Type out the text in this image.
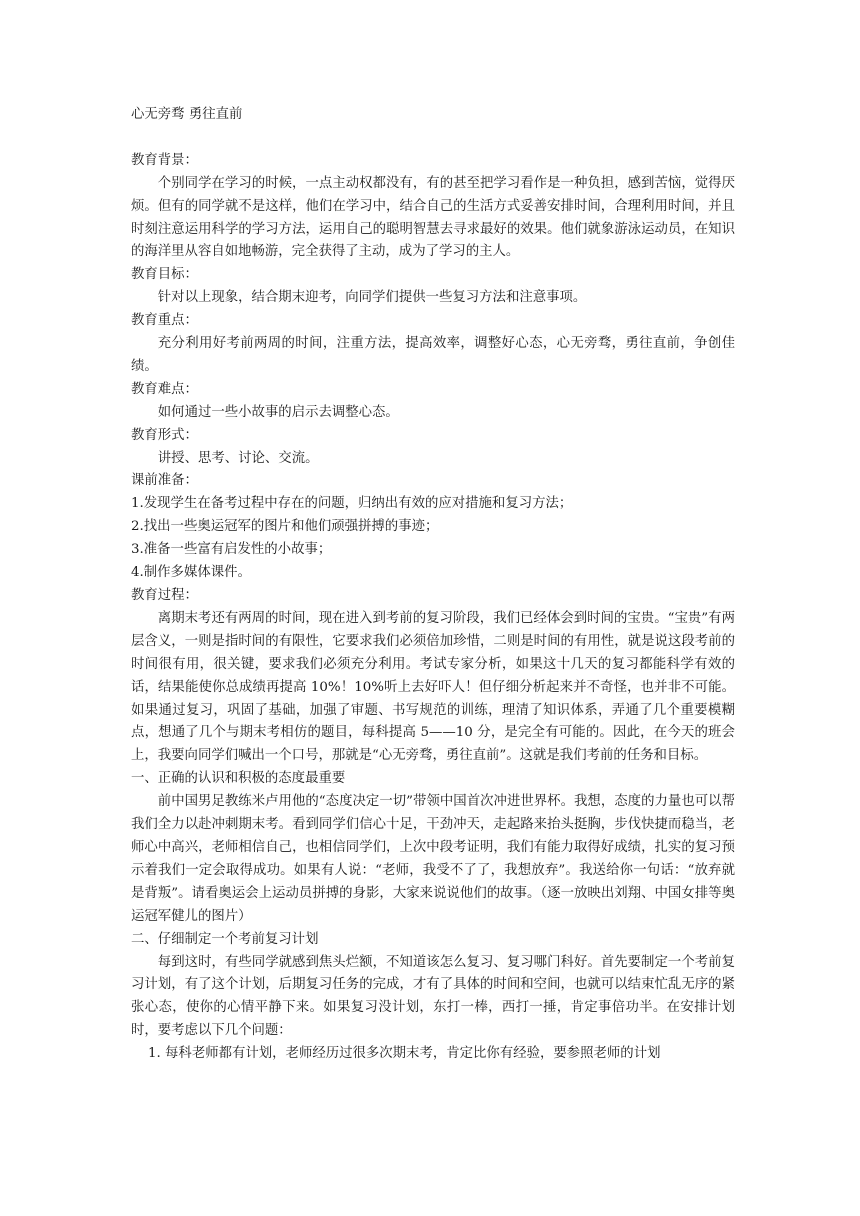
心无旁骛 勇往直前

教育背景：

个别同学在学习的时候，一点主动权都没有，有的甚至把学习看作是一种负担，感到苦恼，觉得厌烦。但有的同学就不是这样，他们在学习中，结合自己的生活方式妥善安排时间，合理利用时间，并且时刻注意运用科学的学习方法，运用自己的聪明智慧去寻求最好的效果。他们就象游泳运动员，在知识的海洋里从容自如地畅游，完全获得了主动，成为了学习的主人。

教育目标：

针对以上现象，结合期末迎考，向同学们提供一些复习方法和注意事项。

教育重点：

充分利用好考前两周的时间，注重方法，提高效率，调整好心态，心无旁骛，勇往直前，争创佳绩。

教育难点：

如何通过一些小故事的启示去调整心态。

教育形式：

讲授、思考、讨论、交流。

课前准备：

1.发现学生在备考过程中存在的问题，归纳出有效的应对措施和复习方法；

2.找出一些奥运冠军的图片和他们顽强拼搏的事迹；

3.准备一些富有启发性的小故事；

4.制作多媒体课件。

教育过程：

离期末考还有两周的时间，现在进入到考前的复习阶段，我们已经体会到时间的宝贵。“宝贵”有两层含义，一则是指时间的有限性，它要求我们必须倍加珍惜，二则是时间的有用性，就是说这段考前的时间很有用，很关键，要求我们必须充分利用。考试专家分析，如果这十几天的复习都能科学有效的话，结果能使你总成绩再提高 10%！10%听上去好吓人！但仔细分析起来并不奇怪，也并非不可能。如果通过复习，巩固了基础，加强了审题、书写规范的训练，理清了知识体系，弄通了几个重要模糊点，想通了几个与期末考相仿的题目，每科提高 5——10 分，是完全有可能的。因此，在今天的班会上，我要向同学们喊出一个口号，那就是“心无旁骛，勇往直前”。这就是我们考前的任务和目标。

一、正确的认识和积极的态度最重要

前中国男足教练米卢用他的“态度决定一切”带领中国首次冲进世界杯。我想，态度的力量也可以帮我们全力以赴冲刺期末考。看到同学们信心十足，干劲冲天，走起路来抬头挺胸，步伐快捷而稳当，老师心中高兴，老师相信自己，也相信同学们，上次中段考证明，我们有能力取得好成绩，扎实的复习预示着我们一定会取得成功。如果有人说：“老师，我受不了了，我想放弃”。我送给你一句话：“放弃就是背叛”。请看奥运会上运动员拼搏的身影，大家来说说他们的故事。（逐一放映出刘翔、中国女排等奥运冠军健儿的图片）

二、仔细制定一个考前复习计划

每到这时，有些同学就感到焦头烂额，不知道该怎么复习、复习哪门科好。首先要制定一个考前复习计划，有了这个计划，后期复习任务的完成，才有了具体的时间和空间，也就可以结束忙乱无序的紧张心态，使你的心情平静下来。如果复习没计划，东打一棒，西打一捶，肯定事倍功半。在安排计划时，要考虑以下几个问题：

1. 每科老师都有计划，老师经历过很多次期末考，肯定比你有经验，要参照老师的计划
